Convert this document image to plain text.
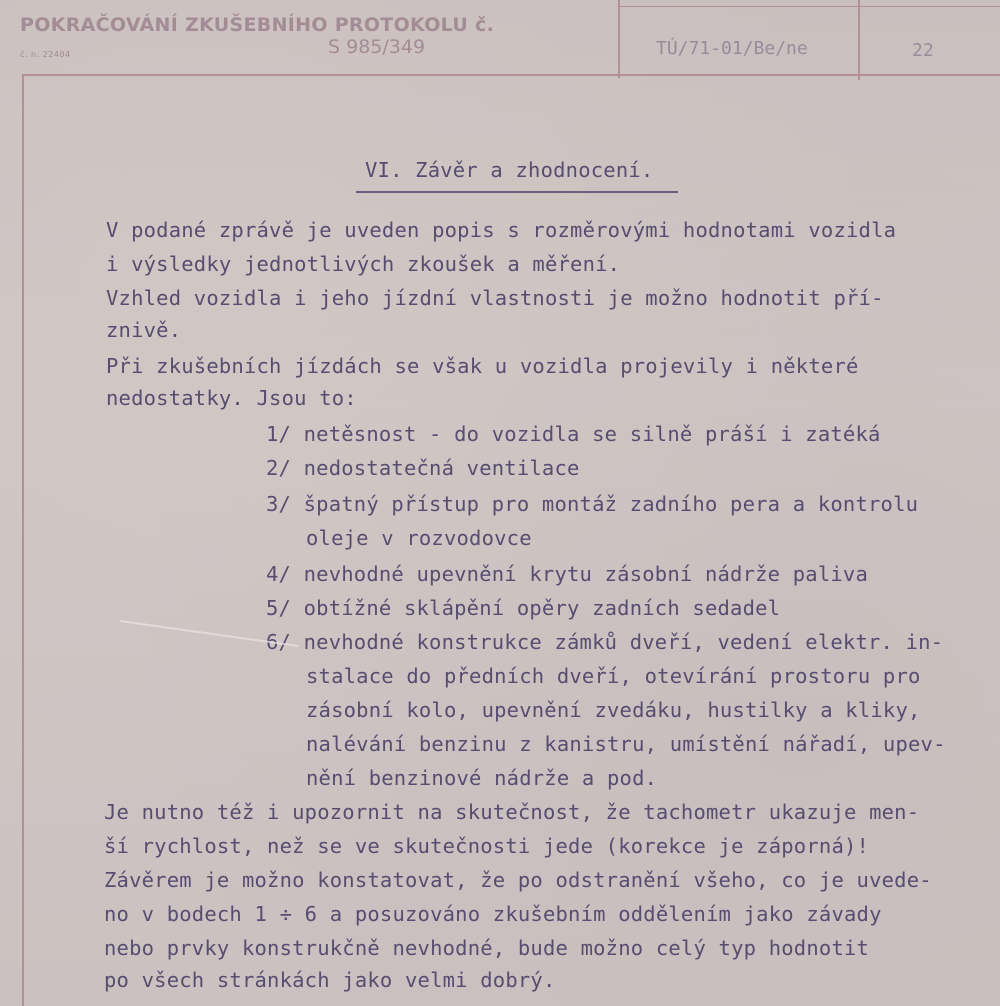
POKRAČOVÁNÍ ZKUŠEBNÍHO PROTOKOLU č.
S 985/349
č. n. 22404	TÚ/71-01/Be/ne	22
VI. Závěr a zhodnocení.
V podané zprávě je uveden popis s rozměrovými hodnotami vozidla
i výsledky jednotlivých zkoušek a měření.
Vzhled vozidla i jeho jízdní vlastnosti je možno hodnotit pří-
znivě.
Při zkušebních jízdách se však u vozidla projevily i některé
nedostatky. Jsou to:
1/ netěsnost - do vozidla se silně práší i zatéká
2/ nedostatečná ventilace
3/ špatný přístup pro montáž zadního pera a kontrolu
oleje v rozvodovce
4/ nevhodné upevnění krytu zásobní nádrže paliva
5/ obtížné sklápění opěry zadních sedadel
6/ nevhodné konstrukce zámků dveří, vedení elektr. in-
stalace do předních dveří, otevírání prostoru pro
zásobní kolo, upevnění zvedáku, hustilky a kliky,
nalévání benzinu z kanistru, umístění nářadí, upev-
nění benzinové nádrže a pod.
Je nutno též i upozornit na skutečnost, že tachometr ukazuje men-
ší rychlost, než se ve skutečnosti jede (korekce je záporná)!
Závěrem je možno konstatovat, že po odstranění všeho, co je uvede-
no v bodech 1 ÷ 6 a posuzováno zkušebním oddělením jako závady
nebo prvky konstrukčně nevhodné, bude možno celý typ hodnotit
po všech stránkách jako velmi dobrý.
